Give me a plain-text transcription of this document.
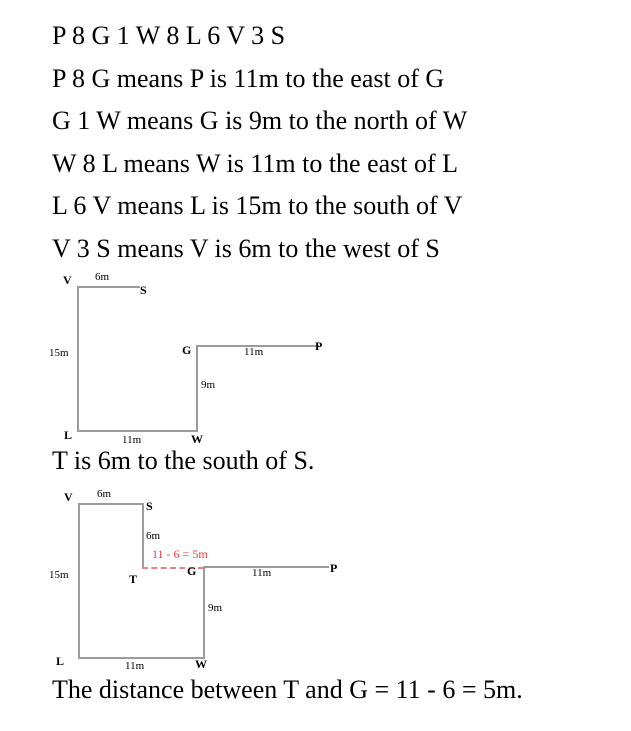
P 8 G 1 W 8 L 6 V 3 S
P 8 G means P is 11m to the east of G
G 1 W means G is 9m to the north of W
W 8 L means W is 11m to the east of L
L 6 V means L is 15m to the south of V
V 3 S means V is 6m to the west of S
V
S
G	P
L	W
6m
15m
11m
9m
11m
T is 6m to the south of S.
V
S
T
G	P
L	W
6m
6m
15m
11m
9m
11m
11 - 6 = 5m
The distance between T and G = 11 - 6 = 5m.
